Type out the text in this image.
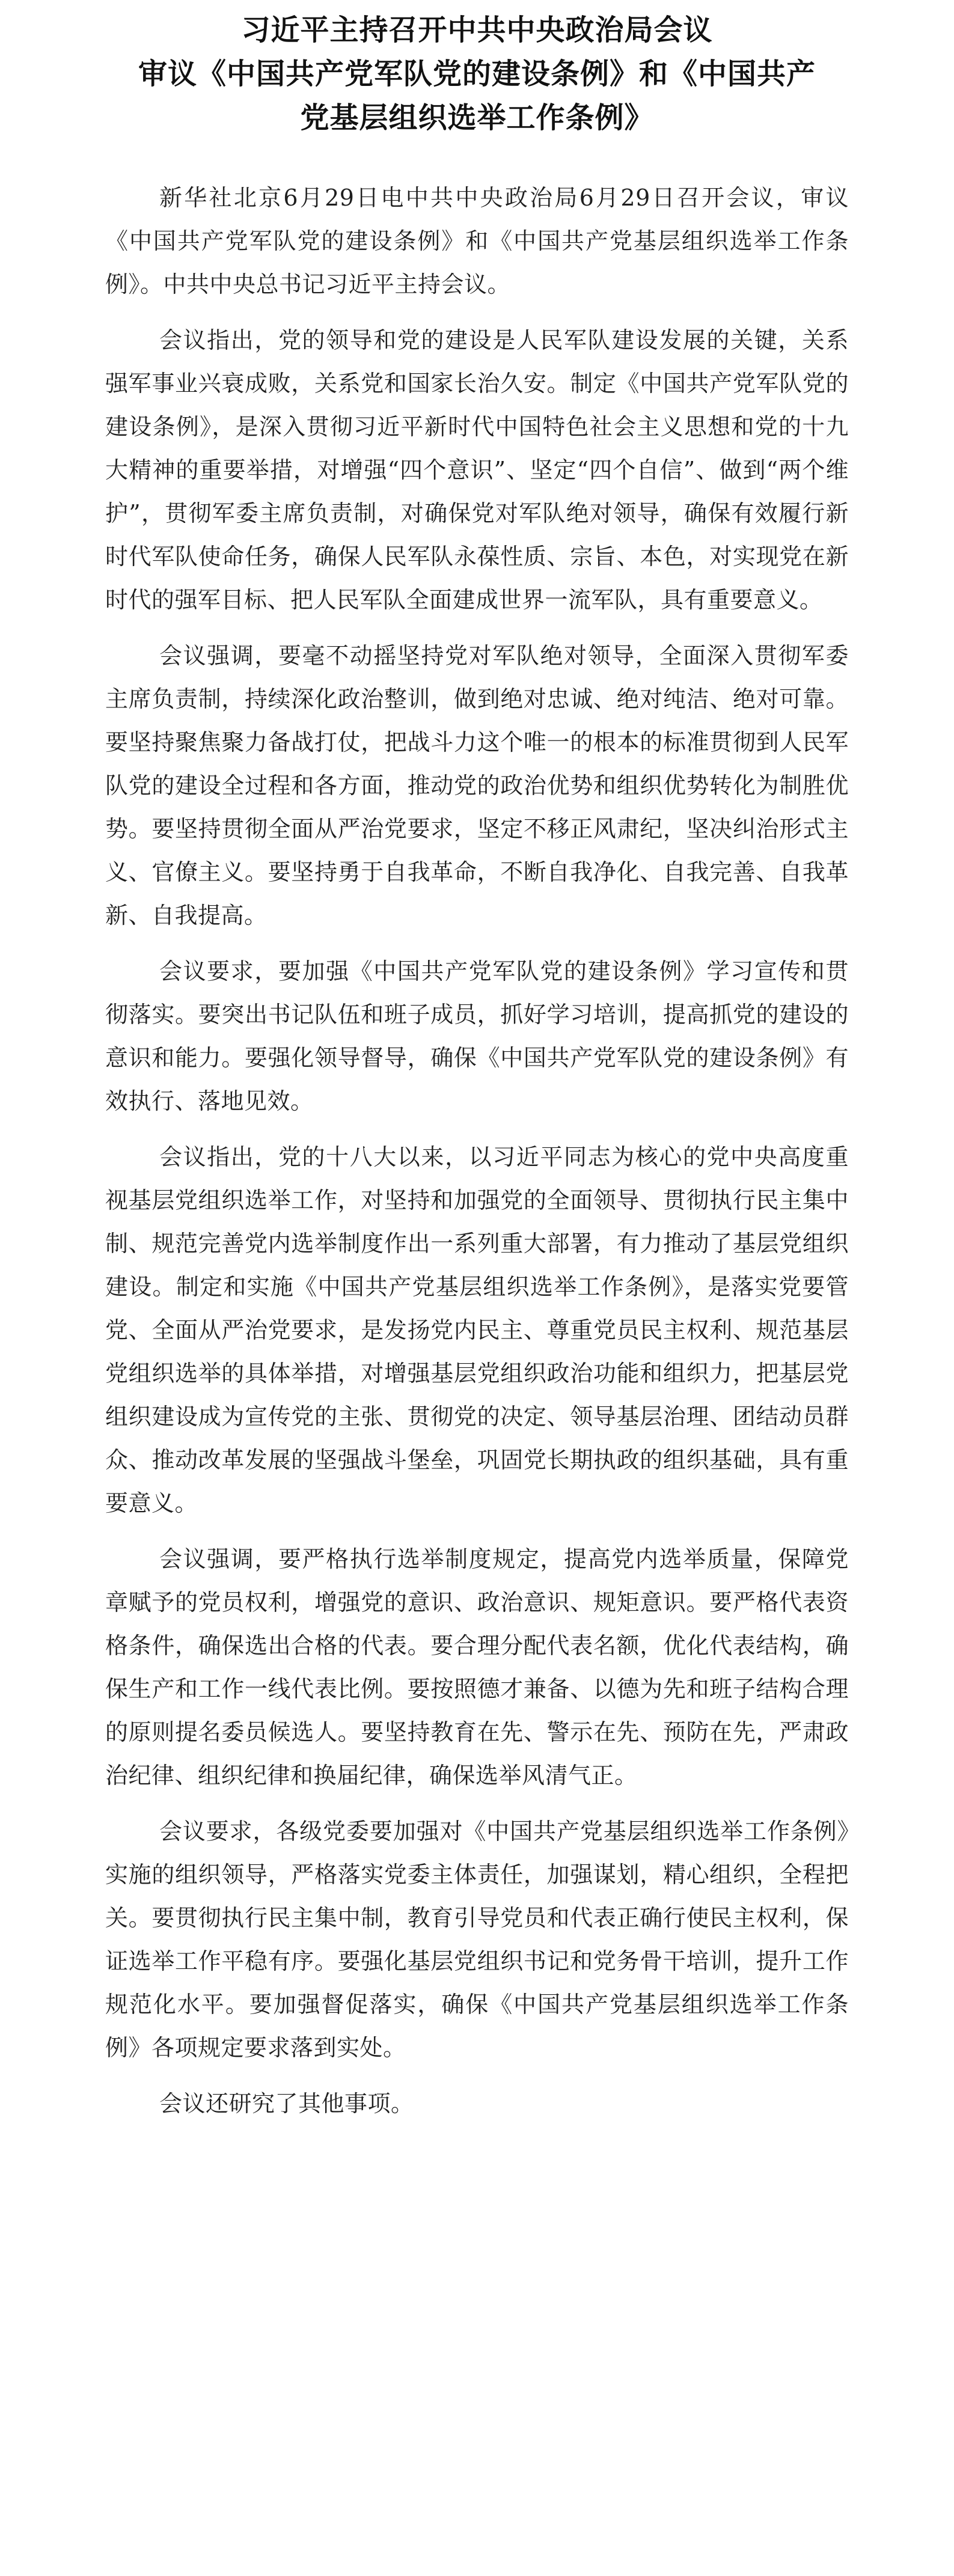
习近平主持召开中共中央政治局会议

审议《中国共产党军队党的建设条例》和《中国共产

党基层组织选举工作条例》

新华社北京6月29日电中共中央政治局6月29日召开会议，审议《中国共产党军队党的建设条例》和《中国共产党基层组织选举工作条例》。中共中央总书记习近平主持会议。

会议指出，党的领导和党的建设是人民军队建设发展的关键，关系强军事业兴衰成败，关系党和国家长治久安。制定《中国共产党军队党的建设条例》，是深入贯彻习近平新时代中国特色社会主义思想和党的十九大精神的重要举措，对增强“四个意识”、坚定“四个自信”、做到“两个维护”，贯彻军委主席负责制，对确保党对军队绝对领导，确保有效履行新时代军队使命任务，确保人民军队永葆性质、宗旨、本色，对实现党在新时代的强军目标、把人民军队全面建成世界一流军队，具有重要意义。

会议强调，要毫不动摇坚持党对军队绝对领导，全面深入贯彻军委主席负责制，持续深化政治整训，做到绝对忠诚、绝对纯洁、绝对可靠。要坚持聚焦聚力备战打仗，把战斗力这个唯一的根本的标准贯彻到人民军队党的建设全过程和各方面，推动党的政治优势和组织优势转化为制胜优势。要坚持贯彻全面从严治党要求，坚定不移正风肃纪，坚决纠治形式主义、官僚主义。要坚持勇于自我革命，不断自我净化、自我完善、自我革新、自我提高。

会议要求，要加强《中国共产党军队党的建设条例》学习宣传和贯彻落实。要突出书记队伍和班子成员，抓好学习培训，提高抓党的建设的意识和能力。要强化领导督导，确保《中国共产党军队党的建设条例》有效执行、落地见效。

会议指出，党的十八大以来，以习近平同志为核心的党中央高度重视基层党组织选举工作，对坚持和加强党的全面领导、贯彻执行民主集中制、规范完善党内选举制度作出一系列重大部署，有力推动了基层党组织建设。制定和实施《中国共产党基层组织选举工作条例》，是落实党要管党、全面从严治党要求，是发扬党内民主、尊重党员民主权利、规范基层党组织选举的具体举措，对增强基层党组织政治功能和组织力，把基层党组织建设成为宣传党的主张、贯彻党的决定、领导基层治理、团结动员群众、推动改革发展的坚强战斗堡垒，巩固党长期执政的组织基础，具有重要意义。

会议强调，要严格执行选举制度规定，提高党内选举质量，保障党章赋予的党员权利，增强党的意识、政治意识、规矩意识。要严格代表资格条件，确保选出合格的代表。要合理分配代表名额，优化代表结构，确保生产和工作一线代表比例。要按照德才兼备、以德为先和班子结构合理的原则提名委员候选人。要坚持教育在先、警示在先、预防在先，严肃政治纪律、组织纪律和换届纪律，确保选举风清气正。

会议要求，各级党委要加强对《中国共产党基层组织选举工作条例》实施的组织领导，严格落实党委主体责任，加强谋划，精心组织，全程把关。要贯彻执行民主集中制，教育引导党员和代表正确行使民主权利，保证选举工作平稳有序。要强化基层党组织书记和党务骨干培训，提升工作规范化水平。要加强督促落实，确保《中国共产党基层组织选举工作条例》各项规定要求落到实处。

会议还研究了其他事项。
